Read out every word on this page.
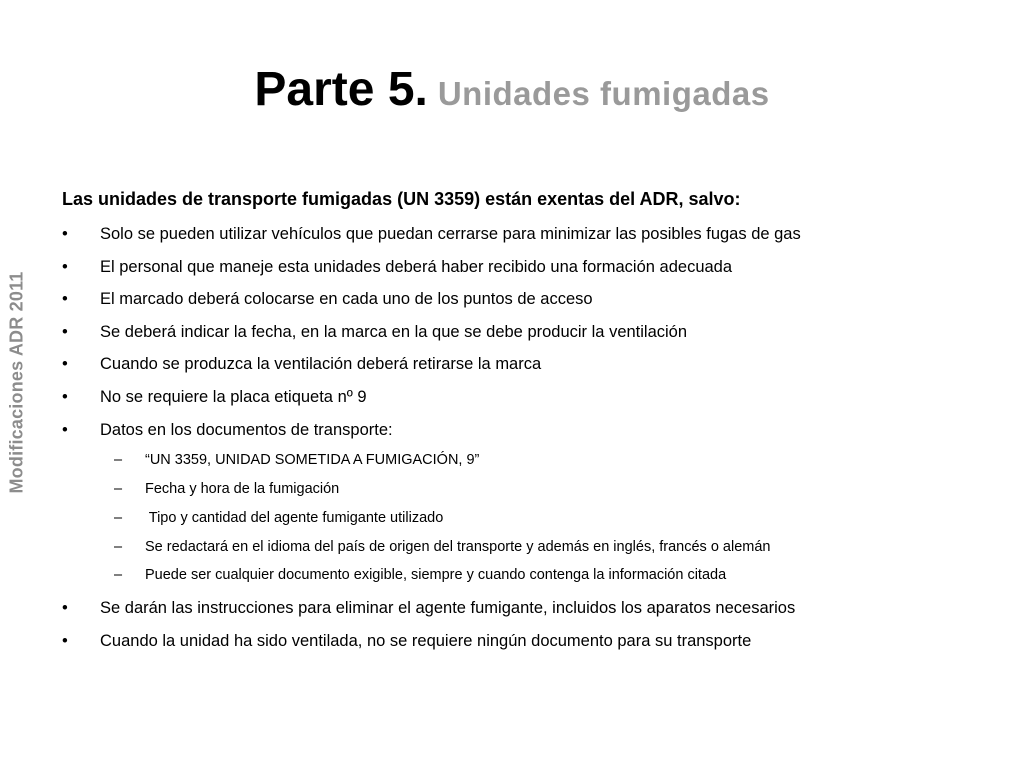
Modificaciones ADR 2011
Parte 5. Unidades fumigadas
Las unidades de transporte fumigadas (UN 3359) están exentas del ADR, salvo:
•	Solo se pueden utilizar vehículos que puedan cerrarse para minimizar las posibles fugas de gas
•	El personal que maneje esta unidades deberá haber recibido una formación adecuada
•	El marcado deberá colocarse en cada uno de los puntos de acceso
•	Se deberá indicar la fecha, en la marca en la que se debe producir la ventilación
•	Cuando se produzca la ventilación deberá retirarse la marca
•	No se requiere la placa etiqueta nº 9
•	Datos en los documentos de transporte:
– “UN 3359, UNIDAD SOMETIDA A FUMIGACIÓN, 9”
– Fecha y hora de la fumigación
– Tipo y cantidad del agente fumigante utilizado
– Se redactará en el idioma del país de origen del transporte y además en inglés, francés o alemán
– Puede ser cualquier documento exigible, siempre y cuando contenga la información citada
•	Se darán las instrucciones para eliminar el agente fumigante, incluidos los aparatos necesarios
•	Cuando la unidad ha sido ventilada, no se requiere ningún documento para su transporte
